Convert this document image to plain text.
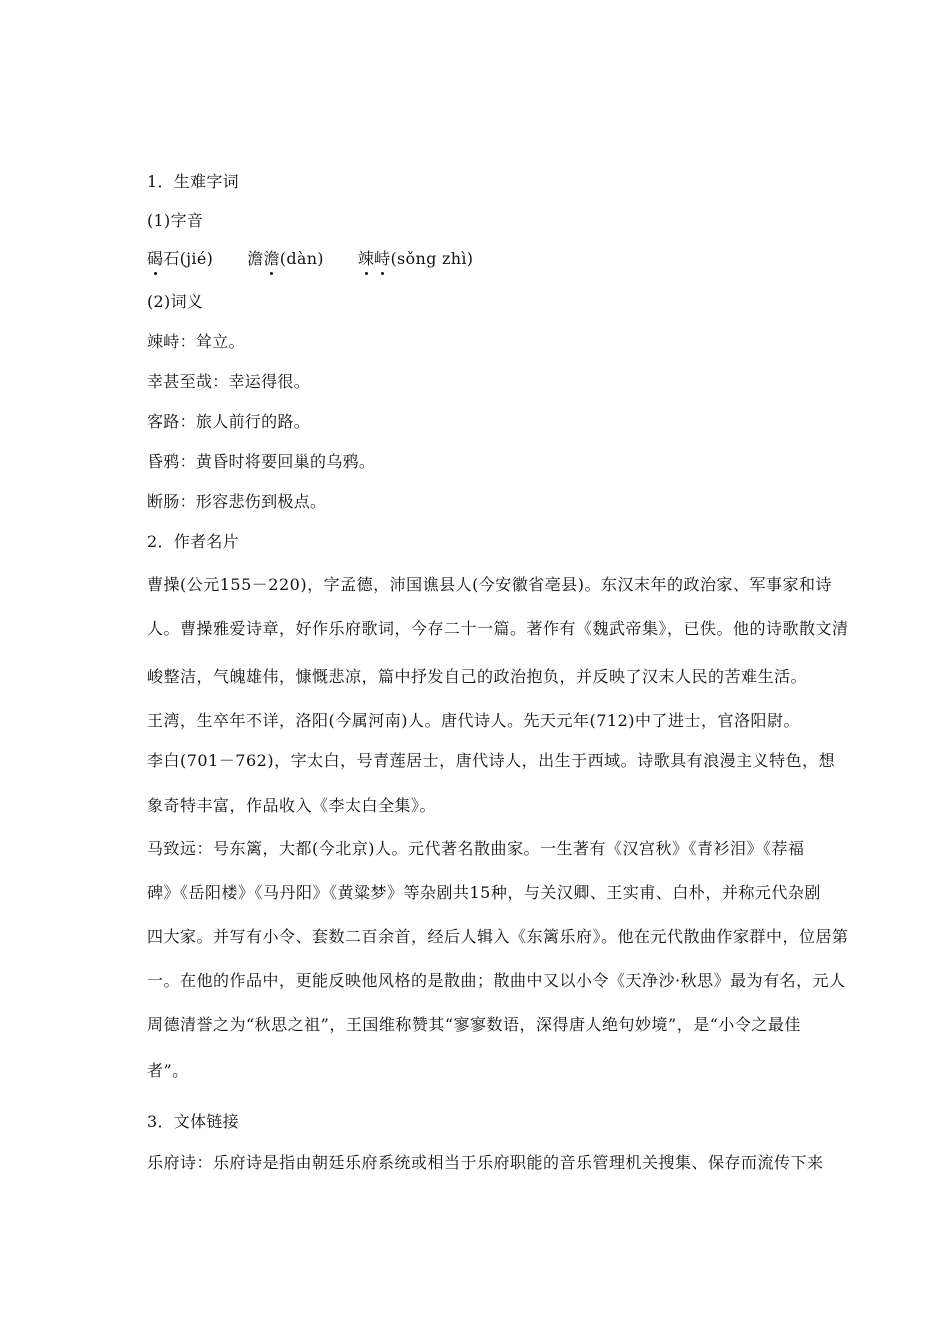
1．生难字词
(1)字音
碣石(jié) 澹澹(dàn) 竦峙(sǒng zhì)
(2)词义
竦峙：耸立。
幸甚至哉：幸运得很。
客路：旅人前行的路。
昏鸦：黄昏时将要回巢的乌鸦。
断肠：形容悲伤到极点。
2．作者名片
曹操(公元155－220)，字孟德，沛国谯县人(今安徽省亳县)。东汉末年的政治家、军事家和诗
人。曹操雅爱诗章，好作乐府歌词，今存二十一篇。著作有《魏武帝集》，已佚。他的诗歌散文清
峻整洁，气魄雄伟，慷慨悲凉，篇中抒发自己的政治抱负，并反映了汉末人民的苦难生活。
王湾，生卒年不详，洛阳(今属河南)人。唐代诗人。先天元年(712)中了进士，官洛阳尉。
李白(701－762)，字太白，号青莲居士，唐代诗人，出生于西域。诗歌具有浪漫主义特色，想
象奇特丰富，作品收入《李太白全集》。
马致远：号东篱，大都(今北京)人。元代著名散曲家。一生著有《汉宫秋》《青衫泪》《荐福
碑》《岳阳楼》《马丹阳》《黄粱梦》等杂剧共15种，与关汉卿、王实甫、白朴，并称元代杂剧
四大家。并写有小令、套数二百余首，经后人辑入《东篱乐府》。他在元代散曲作家群中，位居第
一。在他的作品中，更能反映他风格的是散曲；散曲中又以小令《天净沙·秋思》最为有名，元人
周德清誉之为“秋思之祖”，王国维称赞其“寥寥数语，深得唐人绝句妙境”，是“小令之最佳
者”。
3．文体链接
乐府诗：乐府诗是指由朝廷乐府系统或相当于乐府职能的音乐管理机关搜集、保存而流传下来
